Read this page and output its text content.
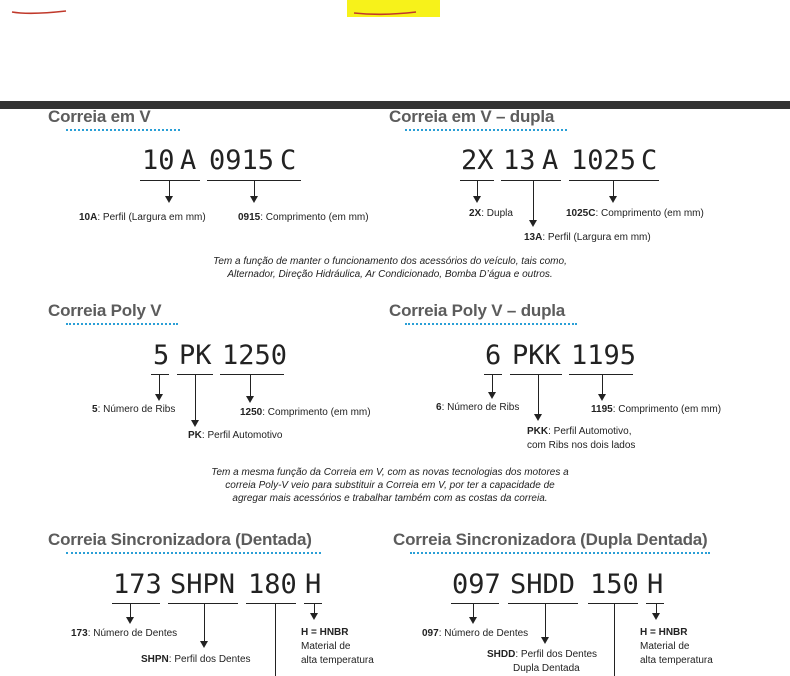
Correia em V
10 A 0915 C
10A: Perfil (Largura em mm)	0915: Comprimento (em mm)
Correia em V – dupla
2X 13 A 1025 C
2X: Dupla	1025C: Comprimento (em mm)
13A: Perfil (Largura em mm)
Tem a função de manter o funcionamento dos acessórios do veículo, tais como,
Alternador, Direção Hidráulica, Ar Condicionado, Bomba D’água e outros.
Correia Poly V
5 PK 1250
5: Número de Ribs	1250: Comprimento (em mm)
PK: Perfil Automotivo
Correia Poly V – dupla
6 PKK 1195
6: Número de Ribs	1195: Comprimento (em mm)
PKK: Perfil Automotivo,
com Ribs nos dois lados
Tem a mesma função da Correia em V, com as novas tecnologias dos motores a
correia Poly-V veio para substituir a Correia em V, por ter a capacidade de
agregar mais acessórios e trabalhar também com as costas da correia.
Correia Sincronizadora (Dentada)
173 SHPN 180 H
173: Número de Dentes
SHPN: Perfil dos Dentes
H = HNBR
Material de
alta temperatura
Correia Sincronizadora (Dupla Dentada)
097 SHDD 150 H
097: Número de Dentes
SHDD: Perfil dos Dentes
Dupla Dentada
H = HNBR
Material de
alta temperatura
